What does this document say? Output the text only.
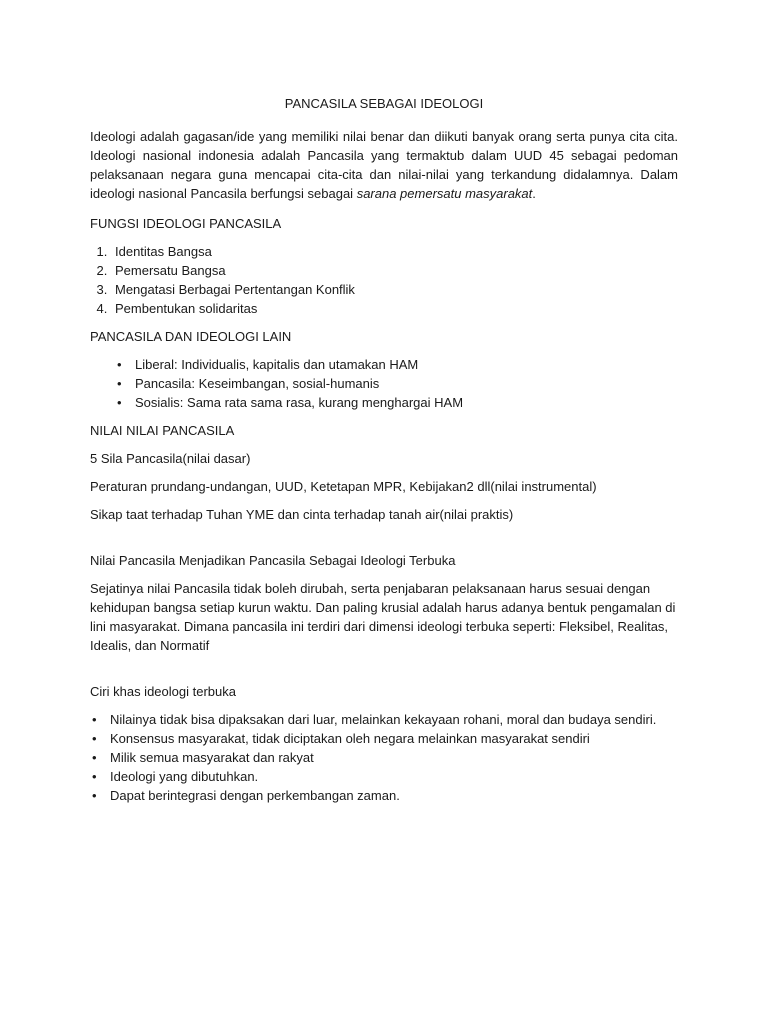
PANCASILA SEBAGAI IDEOLOGI

Ideologi adalah gagasan/ide yang memiliki nilai benar dan diikuti banyak orang serta punya cita cita. Ideologi nasional indonesia adalah Pancasila yang termaktub dalam UUD 45 sebagai pedoman pelaksanaan negara guna mencapai cita-cita dan nilai-nilai yang terkandung didalamnya. Dalam ideologi nasional Pancasila berfungsi sebagai sarana pemersatu masyarakat.

FUNGSI IDEOLOGI PANCASILA

1. Identitas Bangsa
2. Pemersatu Bangsa
3. Mengatasi Berbagai Pertentangan Konflik
4. Pembentukan solidaritas

PANCASILA DAN IDEOLOGI LAIN

• Liberal: Individualis, kapitalis dan utamakan HAM
• Pancasila: Keseimbangan, sosial-humanis
• Sosialis: Sama rata sama rasa, kurang menghargai HAM

NILAI NILAI PANCASILA

5 Sila Pancasila(nilai dasar)

Peraturan prundang-undangan, UUD, Ketetapan MPR, Kebijakan2 dll(nilai instrumental)

Sikap taat terhadap Tuhan YME dan cinta terhadap tanah air(nilai praktis)

Nilai Pancasila Menjadikan Pancasila Sebagai Ideologi Terbuka

Sejatinya nilai Pancasila tidak boleh dirubah, serta penjabaran pelaksanaan harus sesuai dengan kehidupan bangsa setiap kurun waktu. Dan paling krusial adalah harus adanya bentuk pengamalan di lini masyarakat. Dimana pancasila ini terdiri dari dimensi ideologi terbuka seperti: Fleksibel, Realitas, Idealis, dan Normatif

Ciri khas ideologi terbuka

• Nilainya tidak bisa dipaksakan dari luar, melainkan kekayaan rohani, moral dan budaya sendiri.
• Konsensus masyarakat, tidak diciptakan oleh negara melainkan masyarakat sendiri
• Milik semua masyarakat dan rakyat
• Ideologi yang dibutuhkan.
• Dapat berintegrasi dengan perkembangan zaman.
